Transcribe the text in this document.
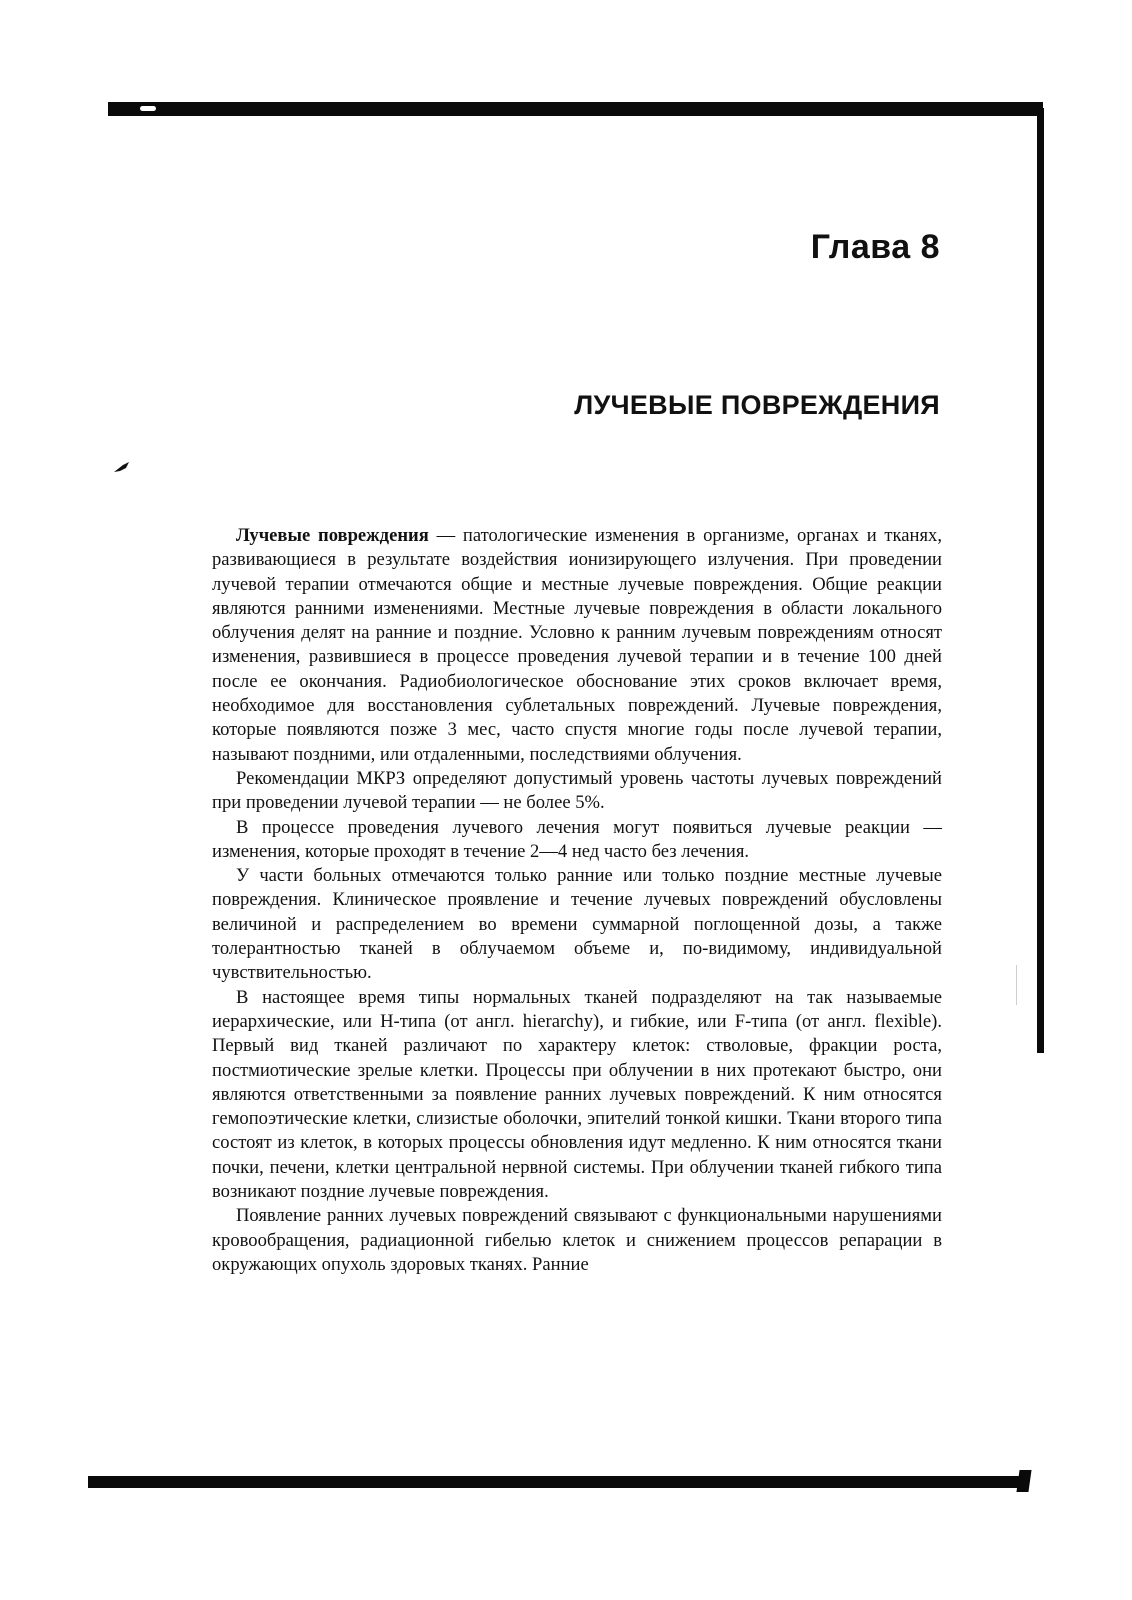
Глава 8
ЛУЧЕВЫЕ ПОВРЕЖДЕНИЯ

Лучевые повреждения — патологические изменения в организме, органах и тканях, развивающиеся в результате воздействия ионизирующего излучения. При проведении лучевой терапии отмечаются общие и местные лучевые повреждения. Общие реакции являются ранними изменениями. Местные лучевые повреждения в области локального облучения делят на ранние и поздние. Условно к ранним лучевым повреждениям относят изменения, развившиеся в процессе проведения лучевой терапии и в течение 100 дней после ее окончания. Радиобиологическое обоснование этих сроков включает время, необходимое для восстановления сублетальных повреждений. Лучевые повреждения, которые появляются позже 3 мес, часто спустя многие годы после лучевой терапии, называют поздними, или отдаленными, последствиями облучения.

Рекомендации МКРЗ определяют допустимый уровень частоты лучевых повреждений при проведении лучевой терапии — не более 5%.

В процессе проведения лучевого лечения могут появиться лучевые реакции — изменения, которые проходят в течение 2—4 нед часто без лечения.

У части больных отмечаются только ранние или только поздние местные лучевые повреждения. Клиническое проявление и течение лучевых повреждений обусловлены величиной и распределением во времени суммарной поглощенной дозы, а также толерантностью тканей в облучаемом объеме и, по-видимому, индивидуальной чувствительностью.

В настоящее время типы нормальных тканей подразделяют на так называемые иерархические, или Н-типа (от англ. hierarchy), и гибкие, или F-типа (от англ. flexible). Первый вид тканей различают по характеру клеток: стволовые, фракции роста, постмиотические зрелые клетки. Процессы при облучении в них протекают быстро, они являются ответственными за появление ранних лучевых повреждений. К ним относятся гемопоэтические клетки, слизистые оболочки, эпителий тонкой кишки. Ткани второго типа состоят из клеток, в которых процессы обновления идут медленно. К ним относятся ткани почки, печени, клетки центральной нервной системы. При облучении тканей гибкого типа возникают поздние лучевые повреждения.

Появление ранних лучевых повреждений связывают с функциональными нарушениями кровообращения, радиационной гибелью клеток и снижением процессов репарации в окружающих опухоль здоровых тканях. Ранние
